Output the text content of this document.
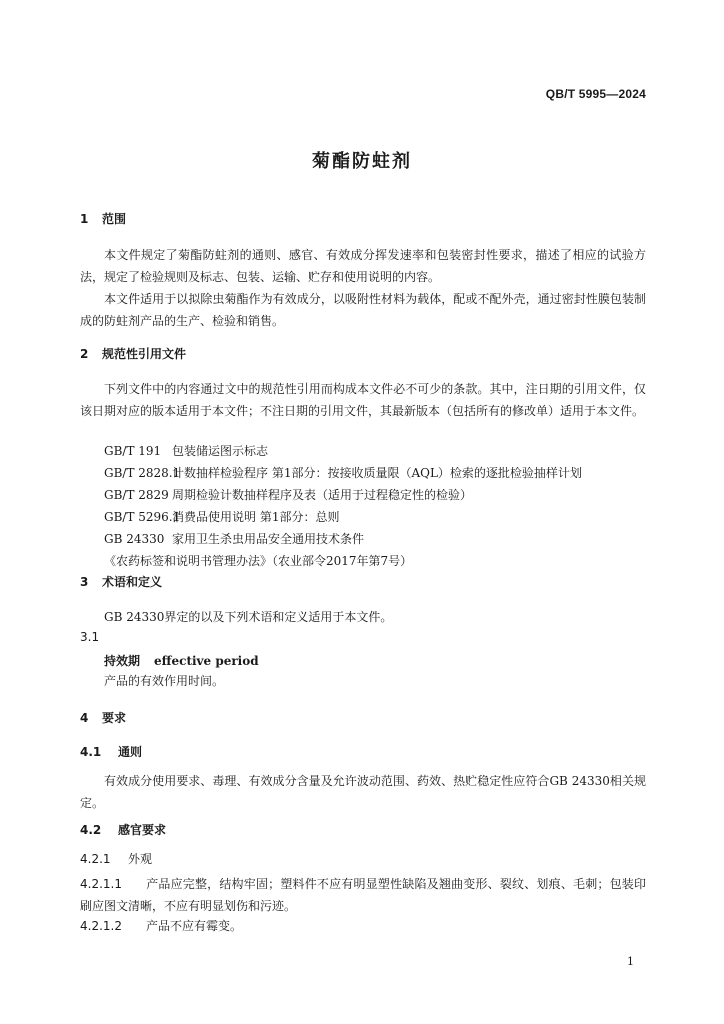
QB/T 5995—2024
菊酯防蛀剂
1 范围
本文件规定了菊酯防蛀剂的通则、感官、有效成分挥发速率和包装密封性要求，描述了相应的试验方法，规定了检验规则及标志、包装、运输、贮存和使用说明的内容。
本文件适用于以拟除虫菊酯作为有效成分，以吸附性材料为载体，配或不配外壳，通过密封性膜包装制成的防蛀剂产品的生产、检验和销售。
2 规范性引用文件
下列文件中的内容通过文中的规范性引用而构成本文件必不可少的条款。其中，注日期的引用文件，仅该日期对应的版本适用于本文件；不注日期的引用文件，其最新版本（包括所有的修改单）适用于本文件。
GB/T 191 包装储运图示标志
GB/T 2828.1计数抽样检验程序 第1部分：按接收质量限（AQL）检索的逐批检验抽样计划
GB/T 2829 周期检验计数抽样程序及表（适用于过程稳定性的检验）
GB/T 5296.1消费品使用说明 第1部分：总则
GB 24330 家用卫生杀虫用品安全通用技术条件
《农药标签和说明书管理办法》（农业部令2017年第7号）
3 术语和定义
GB 24330界定的以及下列术语和定义适用于本文件。
3.1
持效期 effective period
产品的有效作用时间。
4 要求
4.1 通则
有效成分使用要求、毒理、有效成分含量及允许波动范围、药效、热贮稳定性应符合GB 24330相关规定。
4.2 感官要求
4.2.1 外观
4.2.1.1 产品应完整，结构牢固；塑料件不应有明显塑性缺陷及翘曲变形、裂纹、划痕、毛刺；包装印刷应图文清晰，不应有明显划伤和污迹。
4.2.1.2 产品不应有霉变。
1
